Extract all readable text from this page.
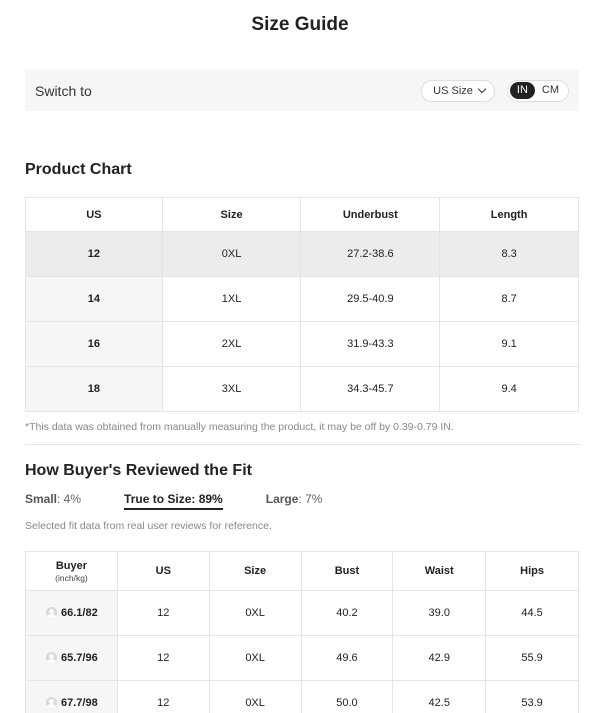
Size Guide
Switch to	US Size	IN	CM
Product Chart
US	Size	Underbust	Length
12	0XL	27.2-38.6	8.3
14	1XL	29.5-40.9	8.7
16	2XL	31.9-43.3	9.1
18	3XL	34.3-45.7	9.4
*This data was obtained from manually measuring the product, it may be off by 0.39-0.79 IN.
How Buyer's Reviewed the Fit
Small: 4%	True to Size: 89%	Large: 7%
Selected fit data from real user reviews for reference.
Buyer
(inch/kg)	US	Size	Bust	Waist	Hips
66.1/82	12	0XL	40.2	39.0	44.5
65.7/96	12	0XL	49.6	42.9	55.9
67.7/98	12	0XL	50.0	42.5	53.9
